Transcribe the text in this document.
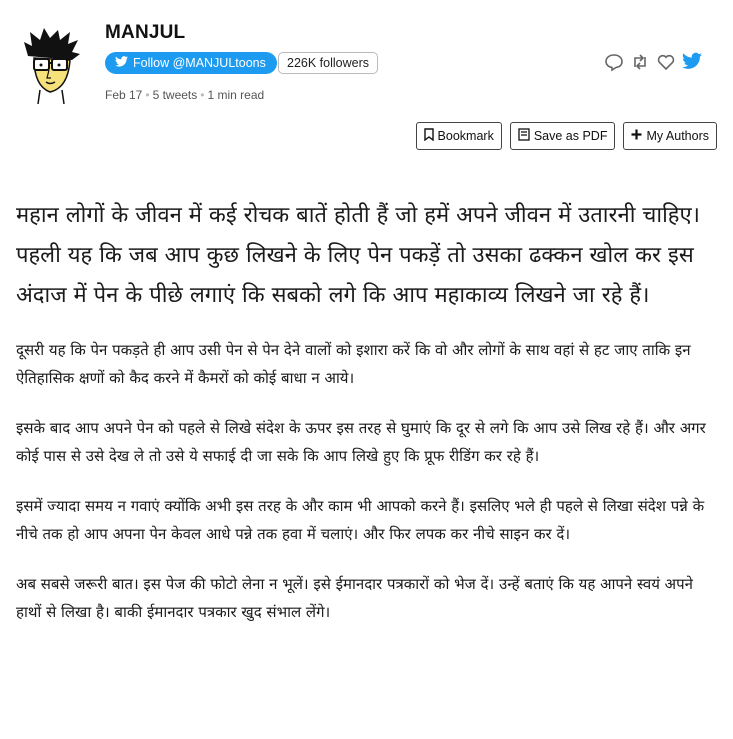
MANJUL
Follow @MANJULtoons	226K followers
Feb 17 • 5 tweets • 1 min read
Bookmark	Save as PDF	My Authors

महान लोगों के जीवन में कई रोचक बातें होती हैं जो हमें अपने जीवन में उतारनी चाहिए। पहली यह कि जब आप कुछ लिखने के लिए पेन पकड़ें तो उसका ढक्कन खोल कर इस अंदाज में पेन के पीछे लगाएं कि सबको लगे कि आप महाकाव्य लिखने जा रहे हैं।

दूसरी यह कि पेन पकड़ते ही आप उसी पेन से पेन देने वालों को इशारा करें कि वो और लोगों के साथ वहां से हट जाए ताकि इन ऐतिहासिक क्षणों को कैद करने में कैमरों को कोई बाधा न आये।

इसके बाद आप अपने पेन को पहले से लिखे संदेश के ऊपर इस तरह से घुमाएं कि दूर से लगे कि आप उसे लिख रहे हैं। और अगर कोई पास से उसे देख ले तो उसे ये सफाई दी जा सके कि आप लिखे हुए कि प्रूफ रीडिंग कर रहे हैं।

इसमें ज्यादा समय न गवाएं क्योंकि अभी इस तरह के और काम भी आपको करने हैं। इसलिए भले ही पहले से लिखा संदेश पन्ने के नीचे तक हो आप अपना पेन केवल आधे पन्ने तक हवा में चलाएं। और फिर लपक कर नीचे साइन कर दें।

अब सबसे जरूरी बात। इस पेज की फोटो लेना न भूलें। इसे ईमानदार पत्रकारों को भेज दें। उन्हें बताएं कि यह आपने स्वयं अपने हाथों से लिखा है। बाकी ईमानदार पत्रकार खुद संभाल लेंगे।
